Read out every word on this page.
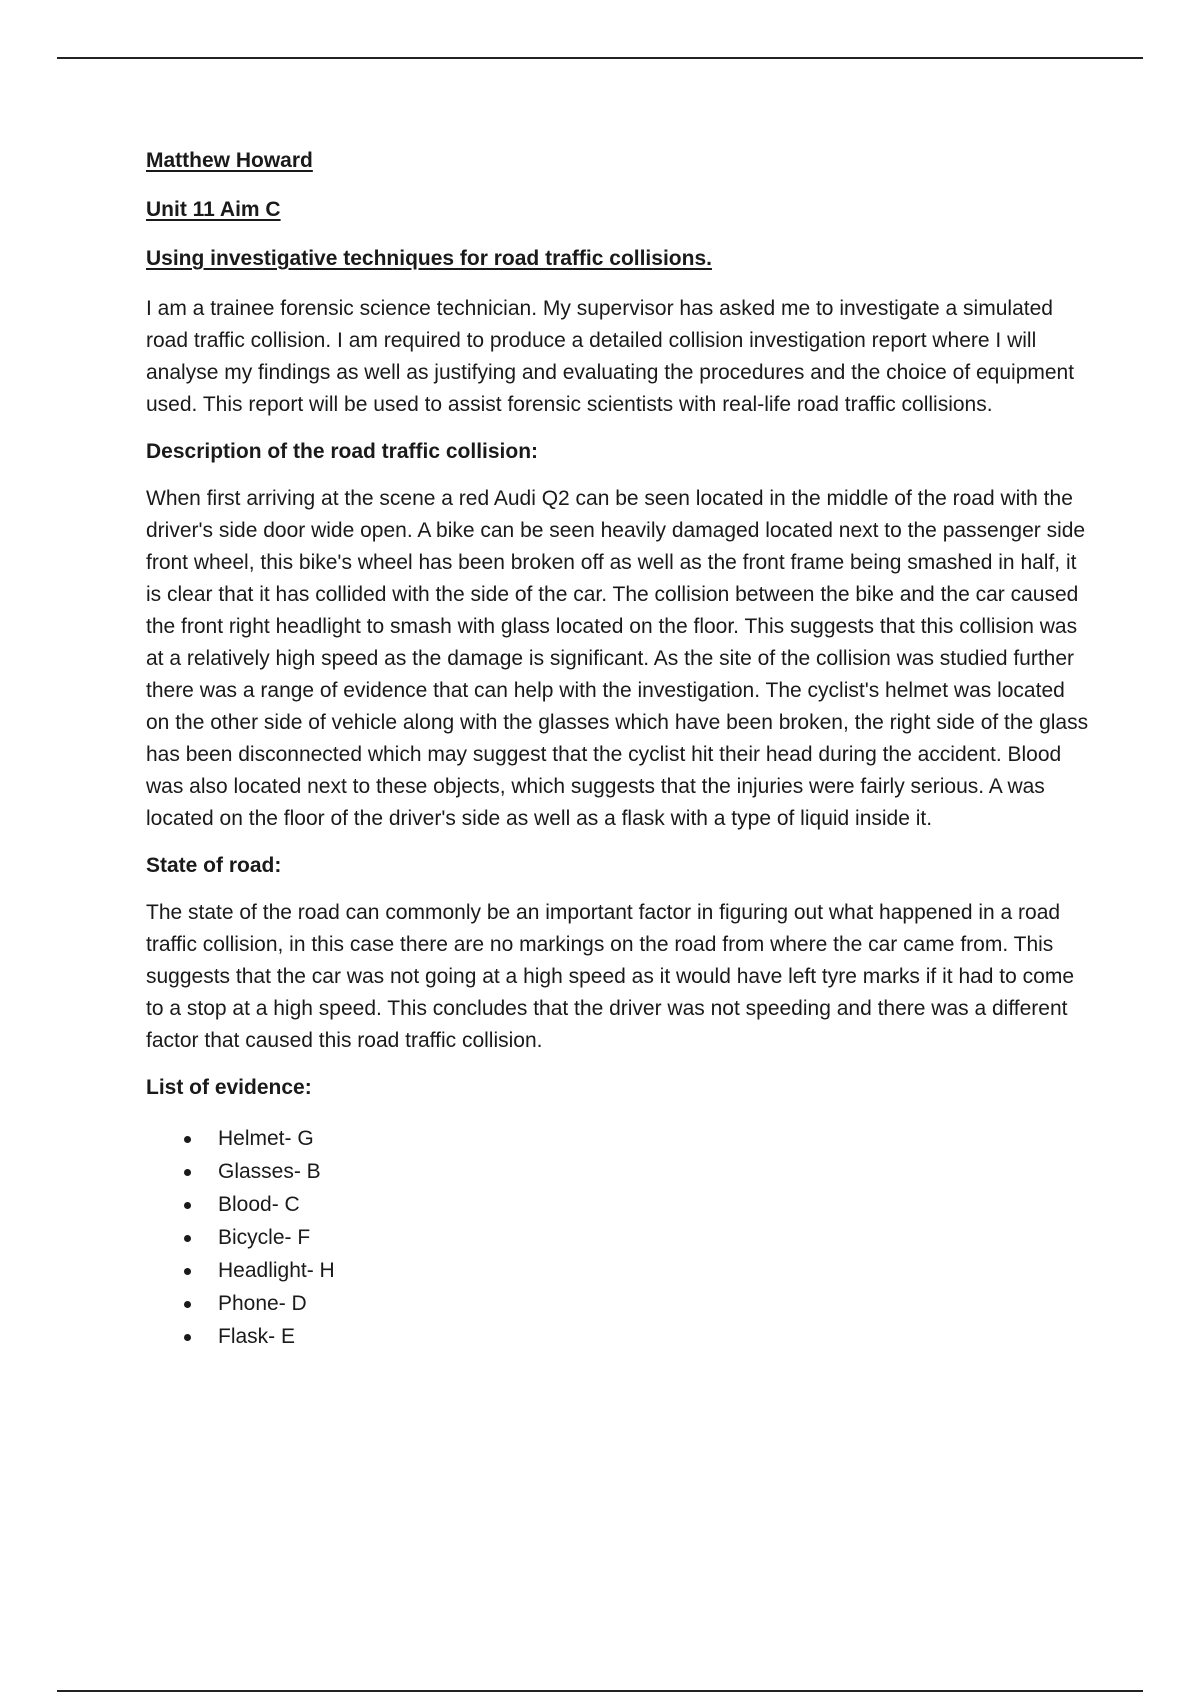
Matthew Howard
Unit 11 Aim C
Using investigative techniques for road traffic collisions.

I am a trainee forensic science technician. My supervisor has asked me to investigate a simulated road traffic collision. I am required to produce a detailed collision investigation report where I will analyse my findings as well as justifying and evaluating the procedures and the choice of equipment used. This report will be used to assist forensic scientists with real-life road traffic collisions.

Description of the road traffic collision:

When first arriving at the scene a red Audi Q2 can be seen located in the middle of the road with the driver's side door wide open. A bike can be seen heavily damaged located next to the passenger side front wheel, this bike's wheel has been broken off as well as the front frame being smashed in half, it is clear that it has collided with the side of the car. The collision between the bike and the car caused the front right headlight to smash with glass located on the floor. This suggests that this collision was at a relatively high speed as the damage is significant. As the site of the collision was studied further there was a range of evidence that can help with the investigation. The cyclist's helmet was located on the other side of vehicle along with the glasses which have been broken, the right side of the glass has been disconnected which may suggest that the cyclist hit their head during the accident. Blood was also located next to these objects, which suggests that the injuries were fairly serious. A was located on the floor of the driver's side as well as a flask with a type of liquid inside it.

State of road:

The state of the road can commonly be an important factor in figuring out what happened in a road traffic collision, in this case there are no markings on the road from where the car came from. This suggests that the car was not going at a high speed as it would have left tyre marks if it had to come to a stop at a high speed. This concludes that the driver was not speeding and there was a different factor that caused this road traffic collision.

List of evidence:
Helmet- G
Glasses- B
Blood- C
Bicycle- F
Headlight- H
Phone- D
Flask- E
